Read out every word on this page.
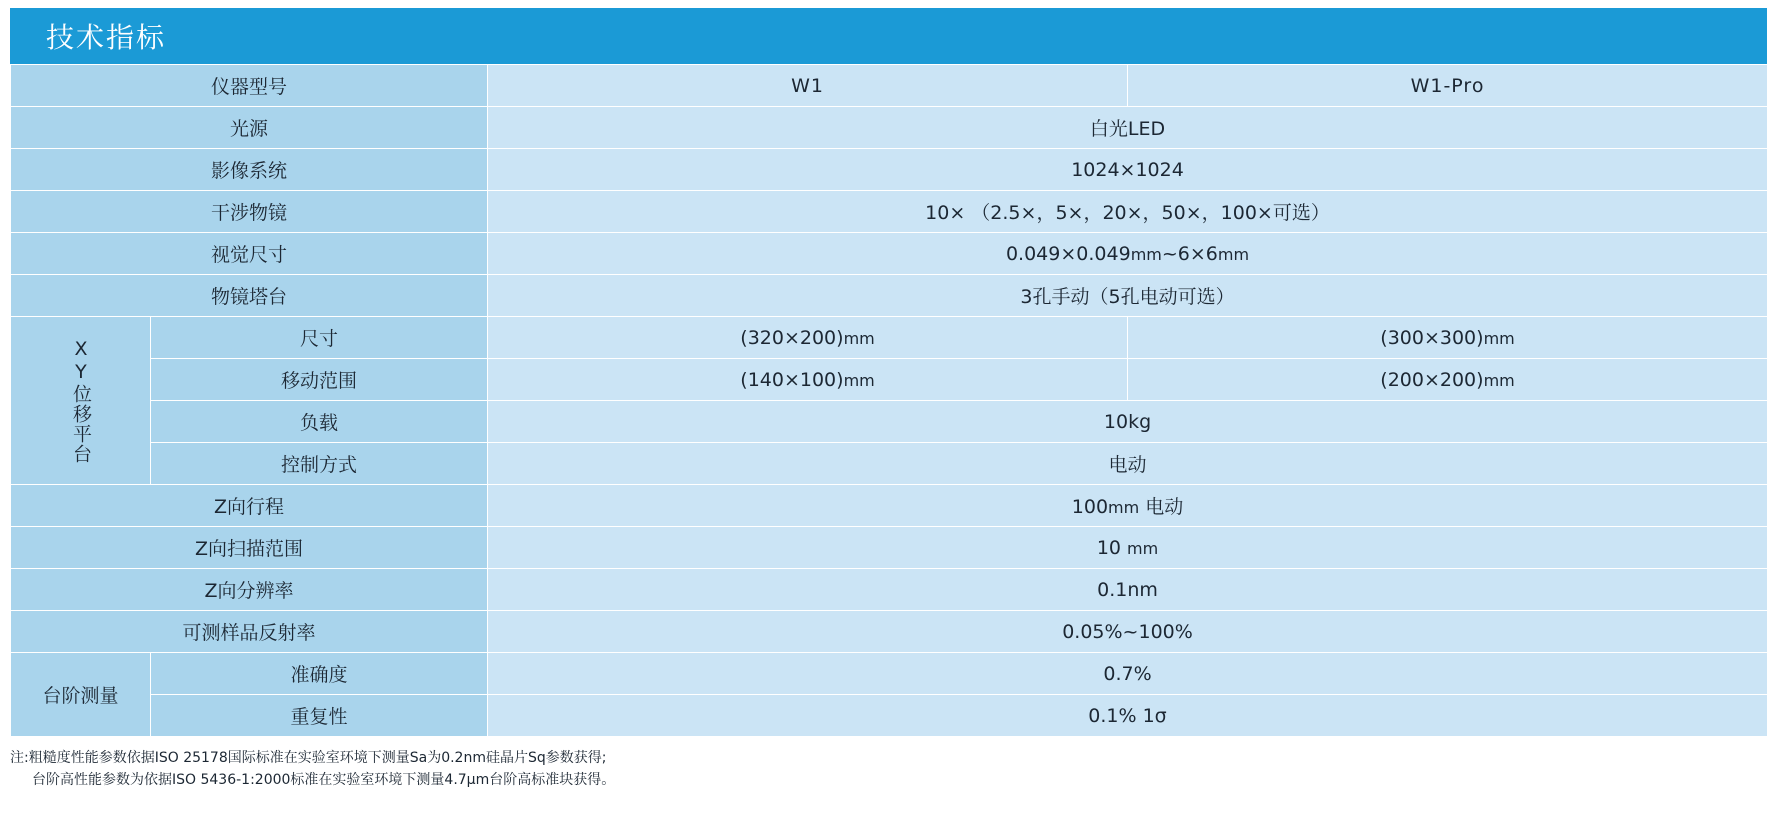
技术指标
仪器型号		W1	W1-Pro
光源		白光LED	
影像系统		1024×1024	
干涉物镜		10× （2.5×，5×，20×，50×，100×可选）	
视觉尺寸		0.049×0.049mm~6×6mm	
物镜塔台		3孔手动（5孔电动可选）	
XY位移平台	尺寸	(320×200)mm	(300×300)mm
	移动范围	(140×100)mm	(200×200)mm
	负载	10kg	
	控制方式	电动	
Z向行程		100mm 电动	
Z向扫描范围		10 mm	
Z向分辨率		0.1nm	
可测样品反射率		0.05%~100%	
台阶测量	准确度	0.7%	
	重复性	0.1% 1σ	
注:粗糙度性能参数依据ISO 25178国际标准在实验室环境下测量Sa为0.2nm硅晶片Sq参数获得;
台阶高性能参数为依据ISO 5436-1:2000标准在实验室环境下测量4.7μm台阶高标准块获得。
